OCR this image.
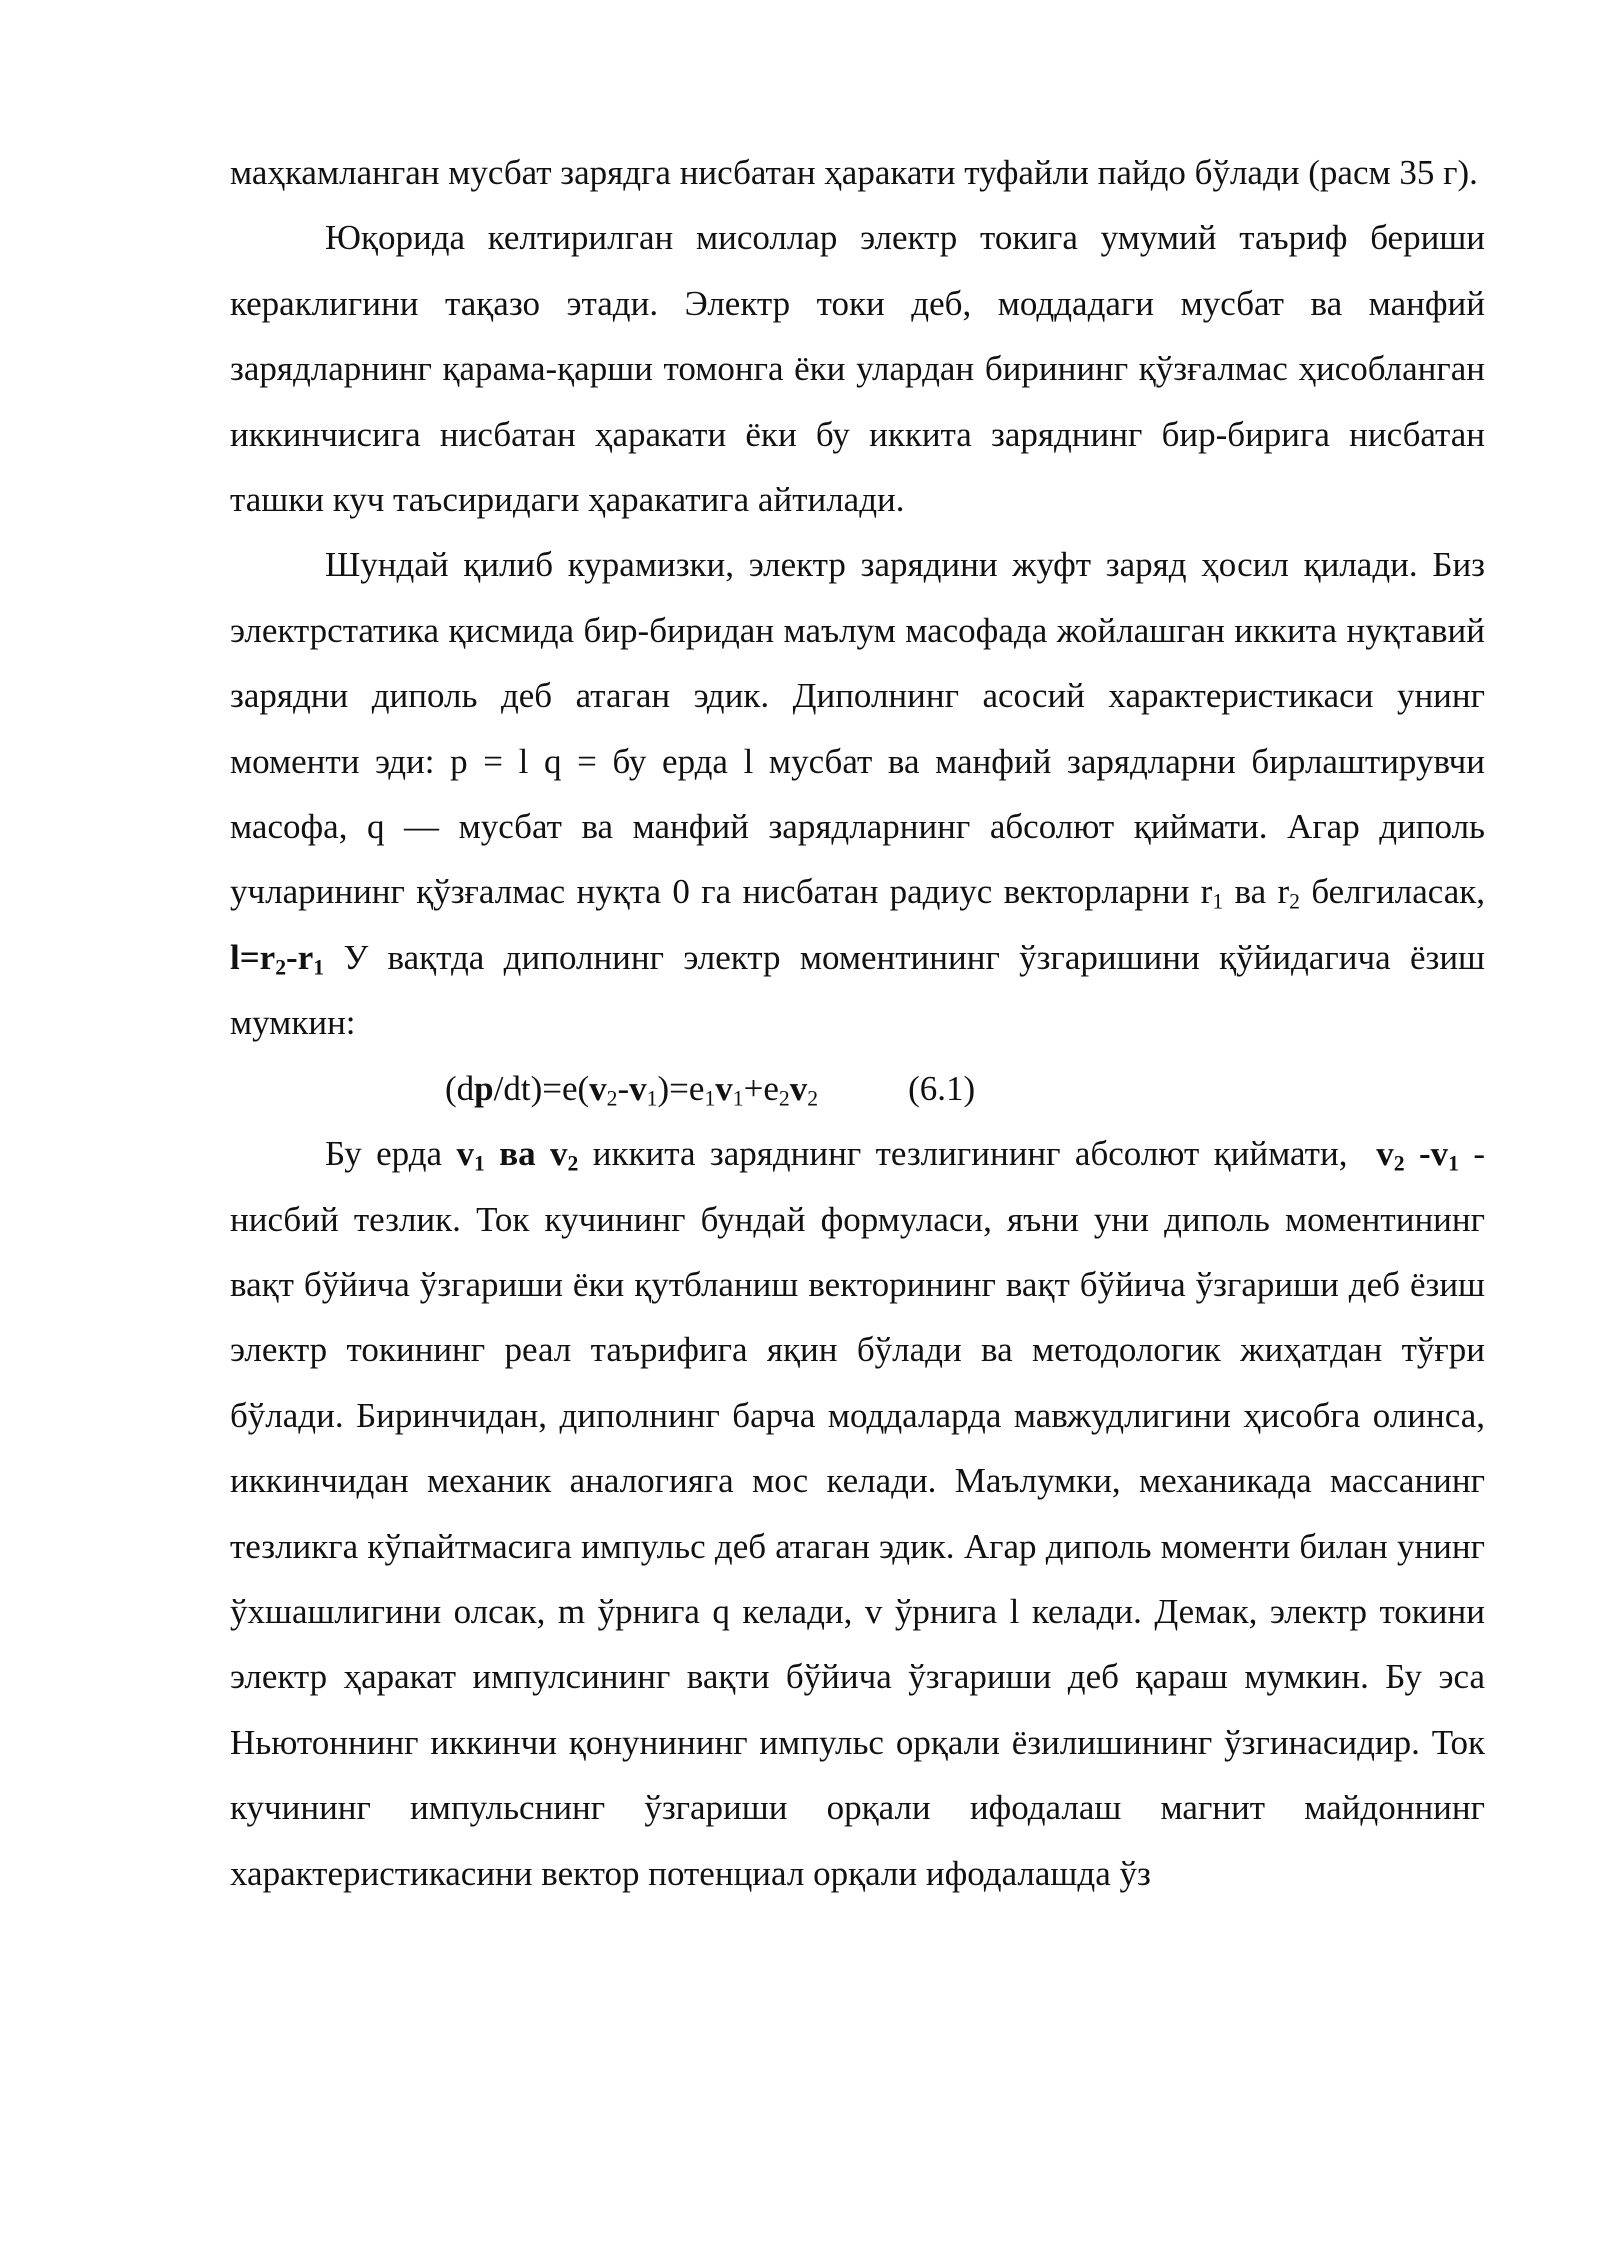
маҳкамланган мусбат зарядга нисбатан ҳаракати туфайли пайдо бўлади (расм 35 г).

Юқорида келтирилган мисоллар электр токига умумий таъриф бериши кераклигини тақазо этади. Электр токи деб, моддадаги мусбат ва манфий зарядларнинг қарама-қарши томонга ёки улардан бирининг қўзғалмас ҳисобланган иккинчисига нисбатан ҳаракати ёки бу иккита заряднинг бир-бирига нисбатан ташки куч таъсиридаги ҳаракатига айтилади.

Шундай қилиб курамизки, электр зарядини жуфт заряд ҳосил қилади. Биз электрстатика қисмида бир-биридан маълум масофада жойлашган иккита нуқтавий зарядни диполь деб атаган эдик. Диполнинг асосий характеристикаси унинг моменти эди: p = l q = бу ерда l мусбат ва манфий зарядларни бирлаштирувчи масофа, q — мусбат ва манфий зарядларнинг абсолют қиймати. Агар диполь учларининг қўзғалмас нуқта 0 га нисбатан радиус векторларни $r_1$ ва $r_2$ белгиласак, $l=r_2-r_1$ У вақтда диполнинг электр моментининг ўзгаришини қўйидагича ёзиш мумкин:

$(dp/dt)=e(v_2-v_1)=e_1v_1+e_2v_2$	(6.1)

Бу ерда $v_1$ ва $v_2$ иккита заряднинг тезлигининг абсолют қиймати, $v_2$ $-v_1$ - нисбий тезлик. Ток кучининг бундай формуласи, яъни уни диполь моментининг вақт бўйича ўзгариши ёки қутбланиш векторининг вақт бўйича ўзгариши деб ёзиш электр токининг реал таърифига яқин бўлади ва методологик жиҳатдан тўғри бўлади. Биринчидан, диполнинг барча моддаларда мавжудлигини ҳисобга олинса, иккинчидан механик аналогияга мос келади. Маълумки, механикада массанинг тезликга кўпайтмасига импульс деб атаган эдик. Агар диполь моменти билан унинг ўхшашлигини олсак, m ўрнига q келади, v ўрнига l келади. Демак, электр токини электр ҳаракат импулсининг вақти бўйича ўзгариши деб қараш мумкин. Бу эса Ньютоннинг иккинчи қонунининг импульс орқали ёзилишининг ўзгинасидир. Ток кучининг импульснинг ўзгариши орқали ифодалаш магнит майдоннинг характеристикасини вектор потенциал орқали ифодалашда ўз
